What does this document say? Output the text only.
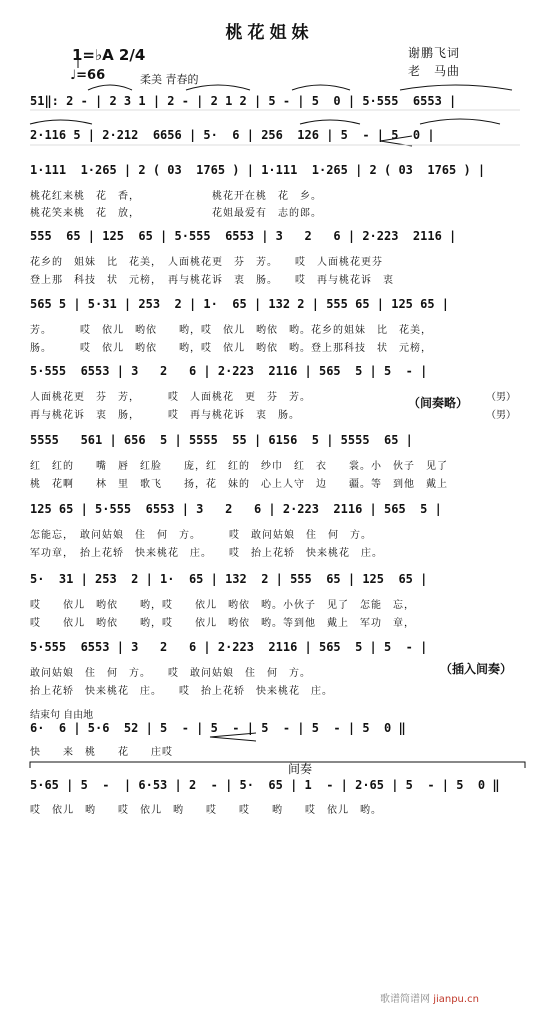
桃花姐妹
谢鹏飞词
老　马曲
1=♭A 2/4
♩=66	柔美 青春的
51‖: 2 - | 2 3 1 | 2 - | 2 1 2 | 5 - | 5  0 | 5·555  6553 |
2·116 5 | 2·212  6656 | 5·  6 | 256  126 | 5  - | 5  0 |
1·111  1·265 | 2 ( 03  1765 ) | 1·111  1·265 | 2 ( 03  1765 ) |
桃花红来桃　花　香，　　　　　　　桃花开在桃　花　乡。
桃花笑来桃　花　放，　　　　　　　花姐最爱有　志的郎。
555  65 | 125  65 | 5·555  6553 | 3   2   6 | 2·223  2116 |
花乡的　姐妹　比　花美，　人面桃花更　芬　芳。　　哎　人面桃花更芬
登上那　科技　状　元榜，　再与桃花诉　衷　肠。　　哎　再与桃花诉　衷
565 5 | 5·31 | 253  2 | 1·  65 | 132 2 | 555 65 | 125 65 |
芳。　　　哎　依儿　哟依　　哟，哎　依儿　哟依　哟。花乡的姐妹　比　花美，
肠。　　　哎　依儿　哟依　　哟，哎　依儿　哟依　哟。登上那科技　状　元榜，
5·555  6553 | 3   2   6 | 2·223  2116 | 565  5 | 5  - |
人面桃花更　芬　芳，　　　哎　人面桃花　更　芬　芳。
再与桃花诉　衷　肠，　　　哎　再与桃花诉　衷　肠。
（间奏略） （男）
（男）
5555   561 | 656  5 | 5555  55 | 6156  5 | 5555  65 |
红　红的　　嘴　唇　红脸　　庞，红　红的　纱巾　红　衣　　裳。小　伙子　见了
桃　花啊　　林　里　歌飞　　扬，花　妹的　心上人守　边　　疆。等　到他　戴上
125 65 | 5·555  6553 | 3   2   6 | 2·223  2116 | 565  5 |
怎能忘，　敢问姑娘　住　何　方。　　　哎　敢问姑娘　住　何　方。
军功章，　抬上花轿　快来桃花　庄。　　哎　抬上花轿　快来桃花　庄。
5·  31 | 253  2 | 1·  65 | 132  2 | 555  65 | 125  65 |
哎　　依儿　哟依　　哟，哎　　依儿　哟依　哟。小伙子　见了　怎能　忘，
哎　　依儿　哟依　　哟，哎　　依儿　哟依　哟。等到他　戴上　军功　章，
5·555  6553 | 3   2   6 | 2·223  2116 | 565  5 | 5  - |
敢问姑娘　住　何　方。　　哎　敢问姑娘　住　何　方。
抬上花轿　快来桃花　庄。　　哎　抬上花轿　快来桃花　庄。
（插入间奏）
结束句 自由地
6·  6 | 5·6  52 | 5  - | 5  - | 5  - | 5  - | 5  0 ‖
快　　来　桃　　花　　庄哎
间奏
5·65 | 5  -  | 6·53 | 2  - | 5·  65 | 1  - | 2·65 | 5  - | 5  0 ‖
哎　依儿　哟　　哎　依儿　哟　　哎　　哎　　哟　　哎　依儿　哟。
歌谱简谱网 jianpu.cn
